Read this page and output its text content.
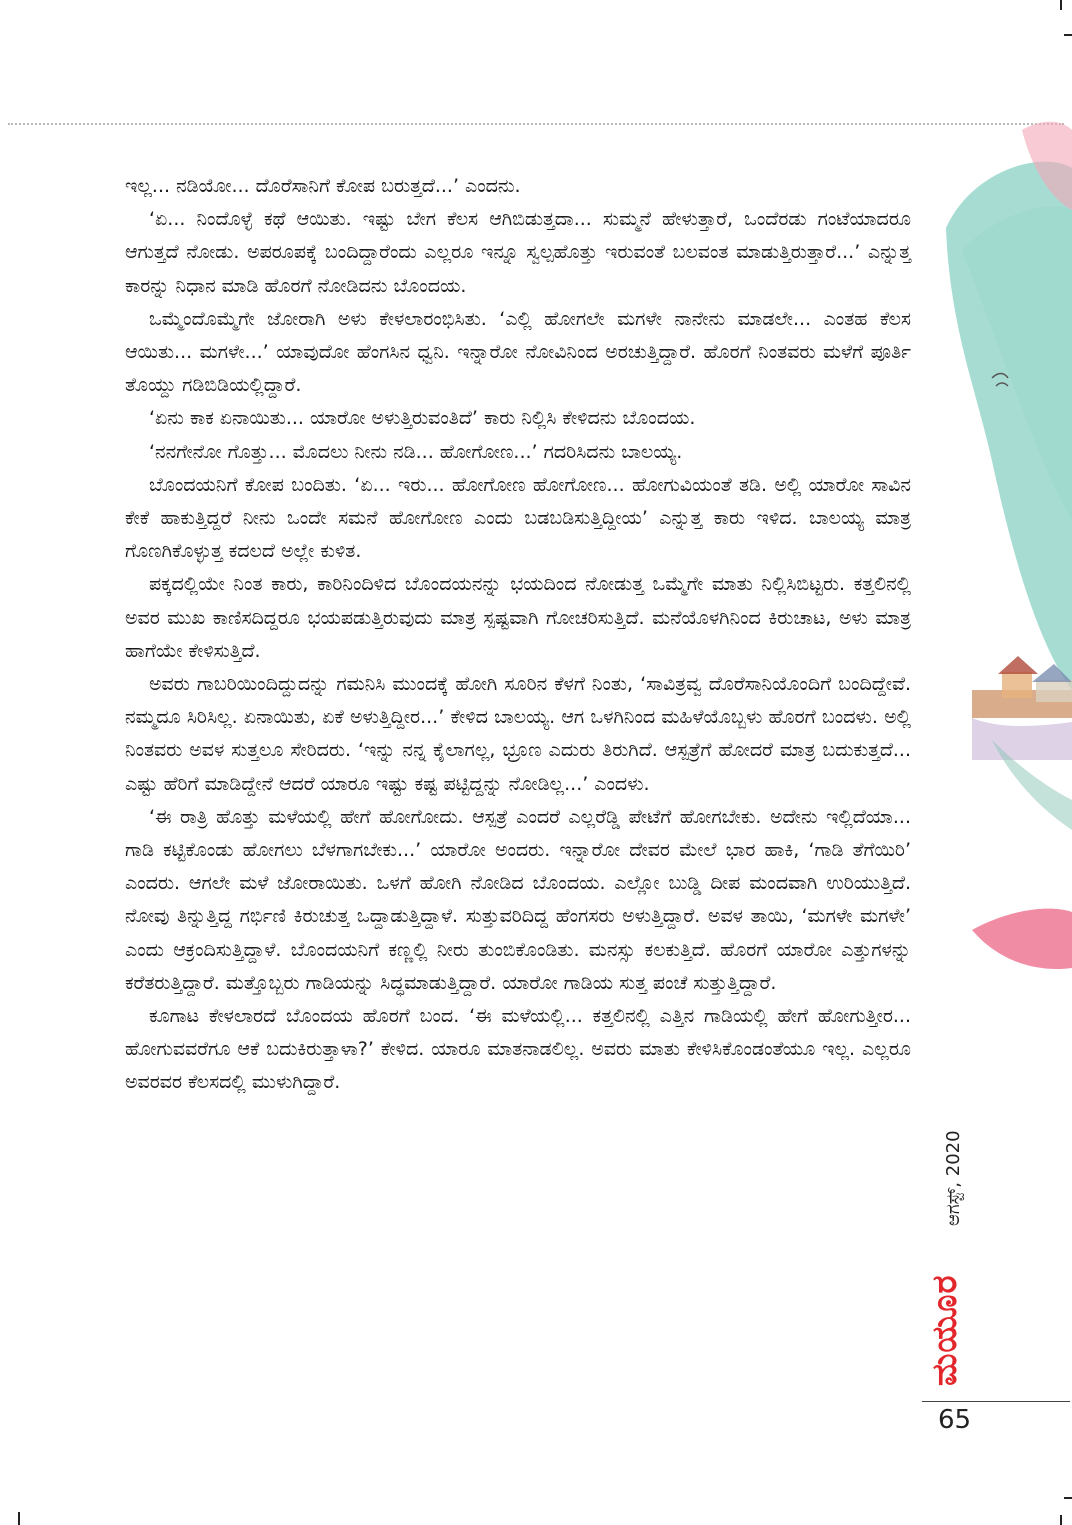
ಇಲ್ಲ... ನಡಿಯೋ... ದೊರೆಸಾನಿಗೆ ಕೋಪ ಬರುತ್ತದೆ...’ ಎಂದನು.

‘ಏ... ನಿಂದೊಳ್ಳೆ ಕಥೆ ಆಯಿತು. ಇಷ್ಟು ಬೇಗ ಕೆಲಸ ಆಗಿಬಿಡುತ್ತದಾ... ಸುಮ್ಮನೆ ಹೇಳುತ್ತಾರೆ, ಒಂದೆರಡು ಗಂಟೆಯಾದರೂ ಆಗುತ್ತದೆ ನೋಡು. ಅಪರೂಪಕ್ಕೆ ಬಂದಿದ್ದಾರೆಂದು ಎಲ್ಲರೂ ಇನ್ನೂ ಸ್ವಲ್ಪಹೊತ್ತು ಇರುವಂತೆ ಬಲವಂತ ಮಾಡುತ್ತಿರುತ್ತಾರೆ...’ ಎನ್ನುತ್ತ ಕಾರನ್ನು ನಿಧಾನ ಮಾಡಿ ಹೊರಗೆ ನೋಡಿದನು ಬೊಂದಯ.

ಒಮ್ಮೆಂದೊಮ್ಮೆಗೇ ಜೋರಾಗಿ ಅಳು ಕೇಳಲಾರಂಭಿಸಿತು. ‘ಎಲ್ಲಿ ಹೋಗಲೇ ಮಗಳೇ ನಾನೇನು ಮಾಡಲೇ... ಎಂತಹ ಕೆಲಸ ಆಯಿತು... ಮಗಳೇ...’ ಯಾವುದೋ ಹೆಂಗಸಿನ ಧ್ವನಿ. ಇನ್ನಾರೋ ನೋವಿನಿಂದ ಅರಚುತ್ತಿದ್ದಾರೆ. ಹೊರಗೆ ನಿಂತವರು ಮಳೆಗೆ ಪೂರ್ತಿ ತೊಯ್ದು ಗಡಿಬಿಡಿಯಲ್ಲಿದ್ದಾರೆ.

‘ಏನು ಕಾಕ ಏನಾಯಿತು... ಯಾರೋ ಅಳುತ್ತಿರುವಂತಿದೆ’ ಕಾರು ನಿಲ್ಲಿಸಿ ಕೇಳಿದನು ಬೊಂದಯ.

‘ನನಗೇನೋ ಗೊತ್ತು... ಮೊದಲು ನೀನು ನಡಿ... ಹೋಗೋಣ...’ ಗದರಿಸಿದನು ಬಾಲಯ್ಯ.

ಬೊಂದಯನಿಗೆ ಕೋಪ ಬಂದಿತು. ‘ಏ... ಇರು... ಹೋಗೋಣ ಹೋಗೋಣ... ಹೋಗುವಿಯಂತೆ ತಡಿ. ಅಲ್ಲಿ ಯಾರೋ ಸಾವಿನ ಕೇಕೆ ಹಾಕುತ್ತಿದ್ದರೆ ನೀನು ಒಂದೇ ಸಮನೆ ಹೋಗೋಣ ಎಂದು ಬಡಬಡಿಸುತ್ತಿದ್ದೀಯ’ ಎನ್ನುತ್ತ ಕಾರು ಇಳಿದ. ಬಾಲಯ್ಯ ಮಾತ್ರ ಗೊಣಗಿಕೊಳ್ಳುತ್ತ ಕದಲದೆ ಅಲ್ಲೇ ಕುಳಿತ.

ಪಕ್ಕದಲ್ಲಿಯೇ ನಿಂತ ಕಾರು, ಕಾರಿನಿಂದಿಳಿದ ಬೊಂದಯನನ್ನು ಭಯದಿಂದ ನೋಡುತ್ತ ಒಮ್ಮೆಗೇ ಮಾತು ನಿಲ್ಲಿಸಿಬಿಟ್ಟರು. ಕತ್ತಲಿನಲ್ಲಿ ಅವರ ಮುಖ ಕಾಣಿಸದಿದ್ದರೂ ಭಯಪಡುತ್ತಿರುವುದು ಮಾತ್ರ ಸ್ಪಷ್ಟವಾಗಿ ಗೋಚರಿಸುತ್ತಿದೆ. ಮನೆಯೊಳಗಿನಿಂದ ಕಿರುಚಾಟ, ಅಳು ಮಾತ್ರ ಹಾಗೆಯೇ ಕೇಳಿಸುತ್ತಿದೆ.

ಅವರು ಗಾಬರಿಯಿಂದಿದ್ದುದನ್ನು ಗಮನಿಸಿ ಮುಂದಕ್ಕೆ ಹೋಗಿ ಸೂರಿನ ಕೆಳಗೆ ನಿಂತು, ‘ಸಾವಿತ್ರವ್ವ ದೊರೆಸಾನಿಯೊಂದಿಗೆ ಬಂದಿದ್ದೇವೆ. ನಮ್ಮದೂ ಸಿರಿಸಿಲ್ಲ. ಏನಾಯಿತು, ಏಕೆ ಅಳುತ್ತಿದ್ದೀರ...’ ಕೇಳಿದ ಬಾಲಯ್ಯ. ಆಗ ಒಳಗಿನಿಂದ ಮಹಿಳೆಯೊಬ್ಬಳು ಹೊರಗೆ ಬಂದಳು. ಅಲ್ಲಿ ನಿಂತವರು ಅವಳ ಸುತ್ತಲೂ ಸೇರಿದರು. ‘ಇನ್ನು ನನ್ನ ಕೈಲಾಗಲ್ಲ, ಭ್ರೂಣ ಎದುರು ತಿರುಗಿದೆ. ಆಸ್ಪತ್ರೆಗೆ ಹೋದರೆ ಮಾತ್ರ ಬದುಕುತ್ತದೆ... ಎಷ್ಟು ಹೆರಿಗೆ ಮಾಡಿದ್ದೇನೆ ಆದರೆ ಯಾರೂ ಇಷ್ಟು ಕಷ್ಟ ಪಟ್ಟಿದ್ದನ್ನು ನೋಡಿಲ್ಲ...’ ಎಂದಳು.

‘ಈ ರಾತ್ರಿ ಹೊತ್ತು ಮಳೆಯಲ್ಲಿ ಹೇಗೆ ಹೋಗೋದು. ಆಸ್ಪತ್ರೆ ಎಂದರೆ ಎಲ್ಲರೆಡ್ಡಿ ಪೇಟೆಗೆ ಹೋಗಬೇಕು. ಅದೇನು ಇಲ್ಲಿದೆಯಾ... ಗಾಡಿ ಕಟ್ಟಿಕೊಂಡು ಹೋಗಲು ಬೆಳಗಾಗಬೇಕು...’ ಯಾರೋ ಅಂದರು. ಇನ್ನಾರೋ ದೇವರ ಮೇಲೆ ಭಾರ ಹಾಕಿ, ‘ಗಾಡಿ ತೆಗೆಯಿರಿ’ ಎಂದರು. ಆಗಲೇ ಮಳೆ ಜೋರಾಯಿತು. ಒಳಗೆ ಹೋಗಿ ನೋಡಿದ ಬೊಂದಯ. ಎಲ್ಲೋ ಬುಡ್ಡಿ ದೀಪ ಮಂದವಾಗಿ ಉರಿಯುತ್ತಿದೆ. ನೋವು ತಿನ್ನುತ್ತಿದ್ದ ಗರ್ಭಿಣಿ ಕಿರುಚುತ್ತ ಒದ್ದಾಡುತ್ತಿದ್ದಾಳೆ. ಸುತ್ತುವರಿದಿದ್ದ ಹೆಂಗಸರು ಅಳುತ್ತಿದ್ದಾರೆ. ಅವಳ ತಾಯಿ, ‘ಮಗಳೇ ಮಗಳೇ’ ಎಂದು ಆಕ್ರಂದಿಸುತ್ತಿದ್ದಾಳೆ. ಬೊಂದಯನಿಗೆ ಕಣ್ಣಲ್ಲಿ ನೀರು ತುಂಬಿಕೊಂಡಿತು. ಮನಸ್ಸು ಕಲಕುತ್ತಿದೆ. ಹೊರಗೆ ಯಾರೋ ಎತ್ತುಗಳನ್ನು ಕರೆತರುತ್ತಿದ್ದಾರೆ. ಮತ್ತೊಬ್ಬರು ಗಾಡಿಯನ್ನು ಸಿದ್ಧಮಾಡುತ್ತಿದ್ದಾರೆ. ಯಾರೋ ಗಾಡಿಯ ಸುತ್ತ ಪಂಚೆ ಸುತ್ತುತ್ತಿದ್ದಾರೆ.

ಕೂಗಾಟ ಕೇಳಲಾರದೆ ಬೊಂದಯ ಹೊರಗೆ ಬಂದ. ‘ಈ ಮಳೆಯಲ್ಲಿ... ಕತ್ತಲಿನಲ್ಲಿ ಎತ್ತಿನ ಗಾಡಿಯಲ್ಲಿ ಹೇಗೆ ಹೋಗುತ್ತೀರ... ಹೋಗುವವರೆಗೂ ಆಕೆ ಬದುಕಿರುತ್ತಾಳಾ?’ ಕೇಳಿದ. ಯಾರೂ ಮಾತನಾಡಲಿಲ್ಲ. ಅವರು ಮಾತು ಕೇಳಿಸಿಕೊಂಡಂತೆಯೂ ಇಲ್ಲ. ಎಲ್ಲರೂ ಅವರವರ ಕೆಲಸದಲ್ಲಿ ಮುಳುಗಿದ್ದಾರೆ.

ಆಗಸ್ಟ್, 2020
ಮಯೂರ
65
